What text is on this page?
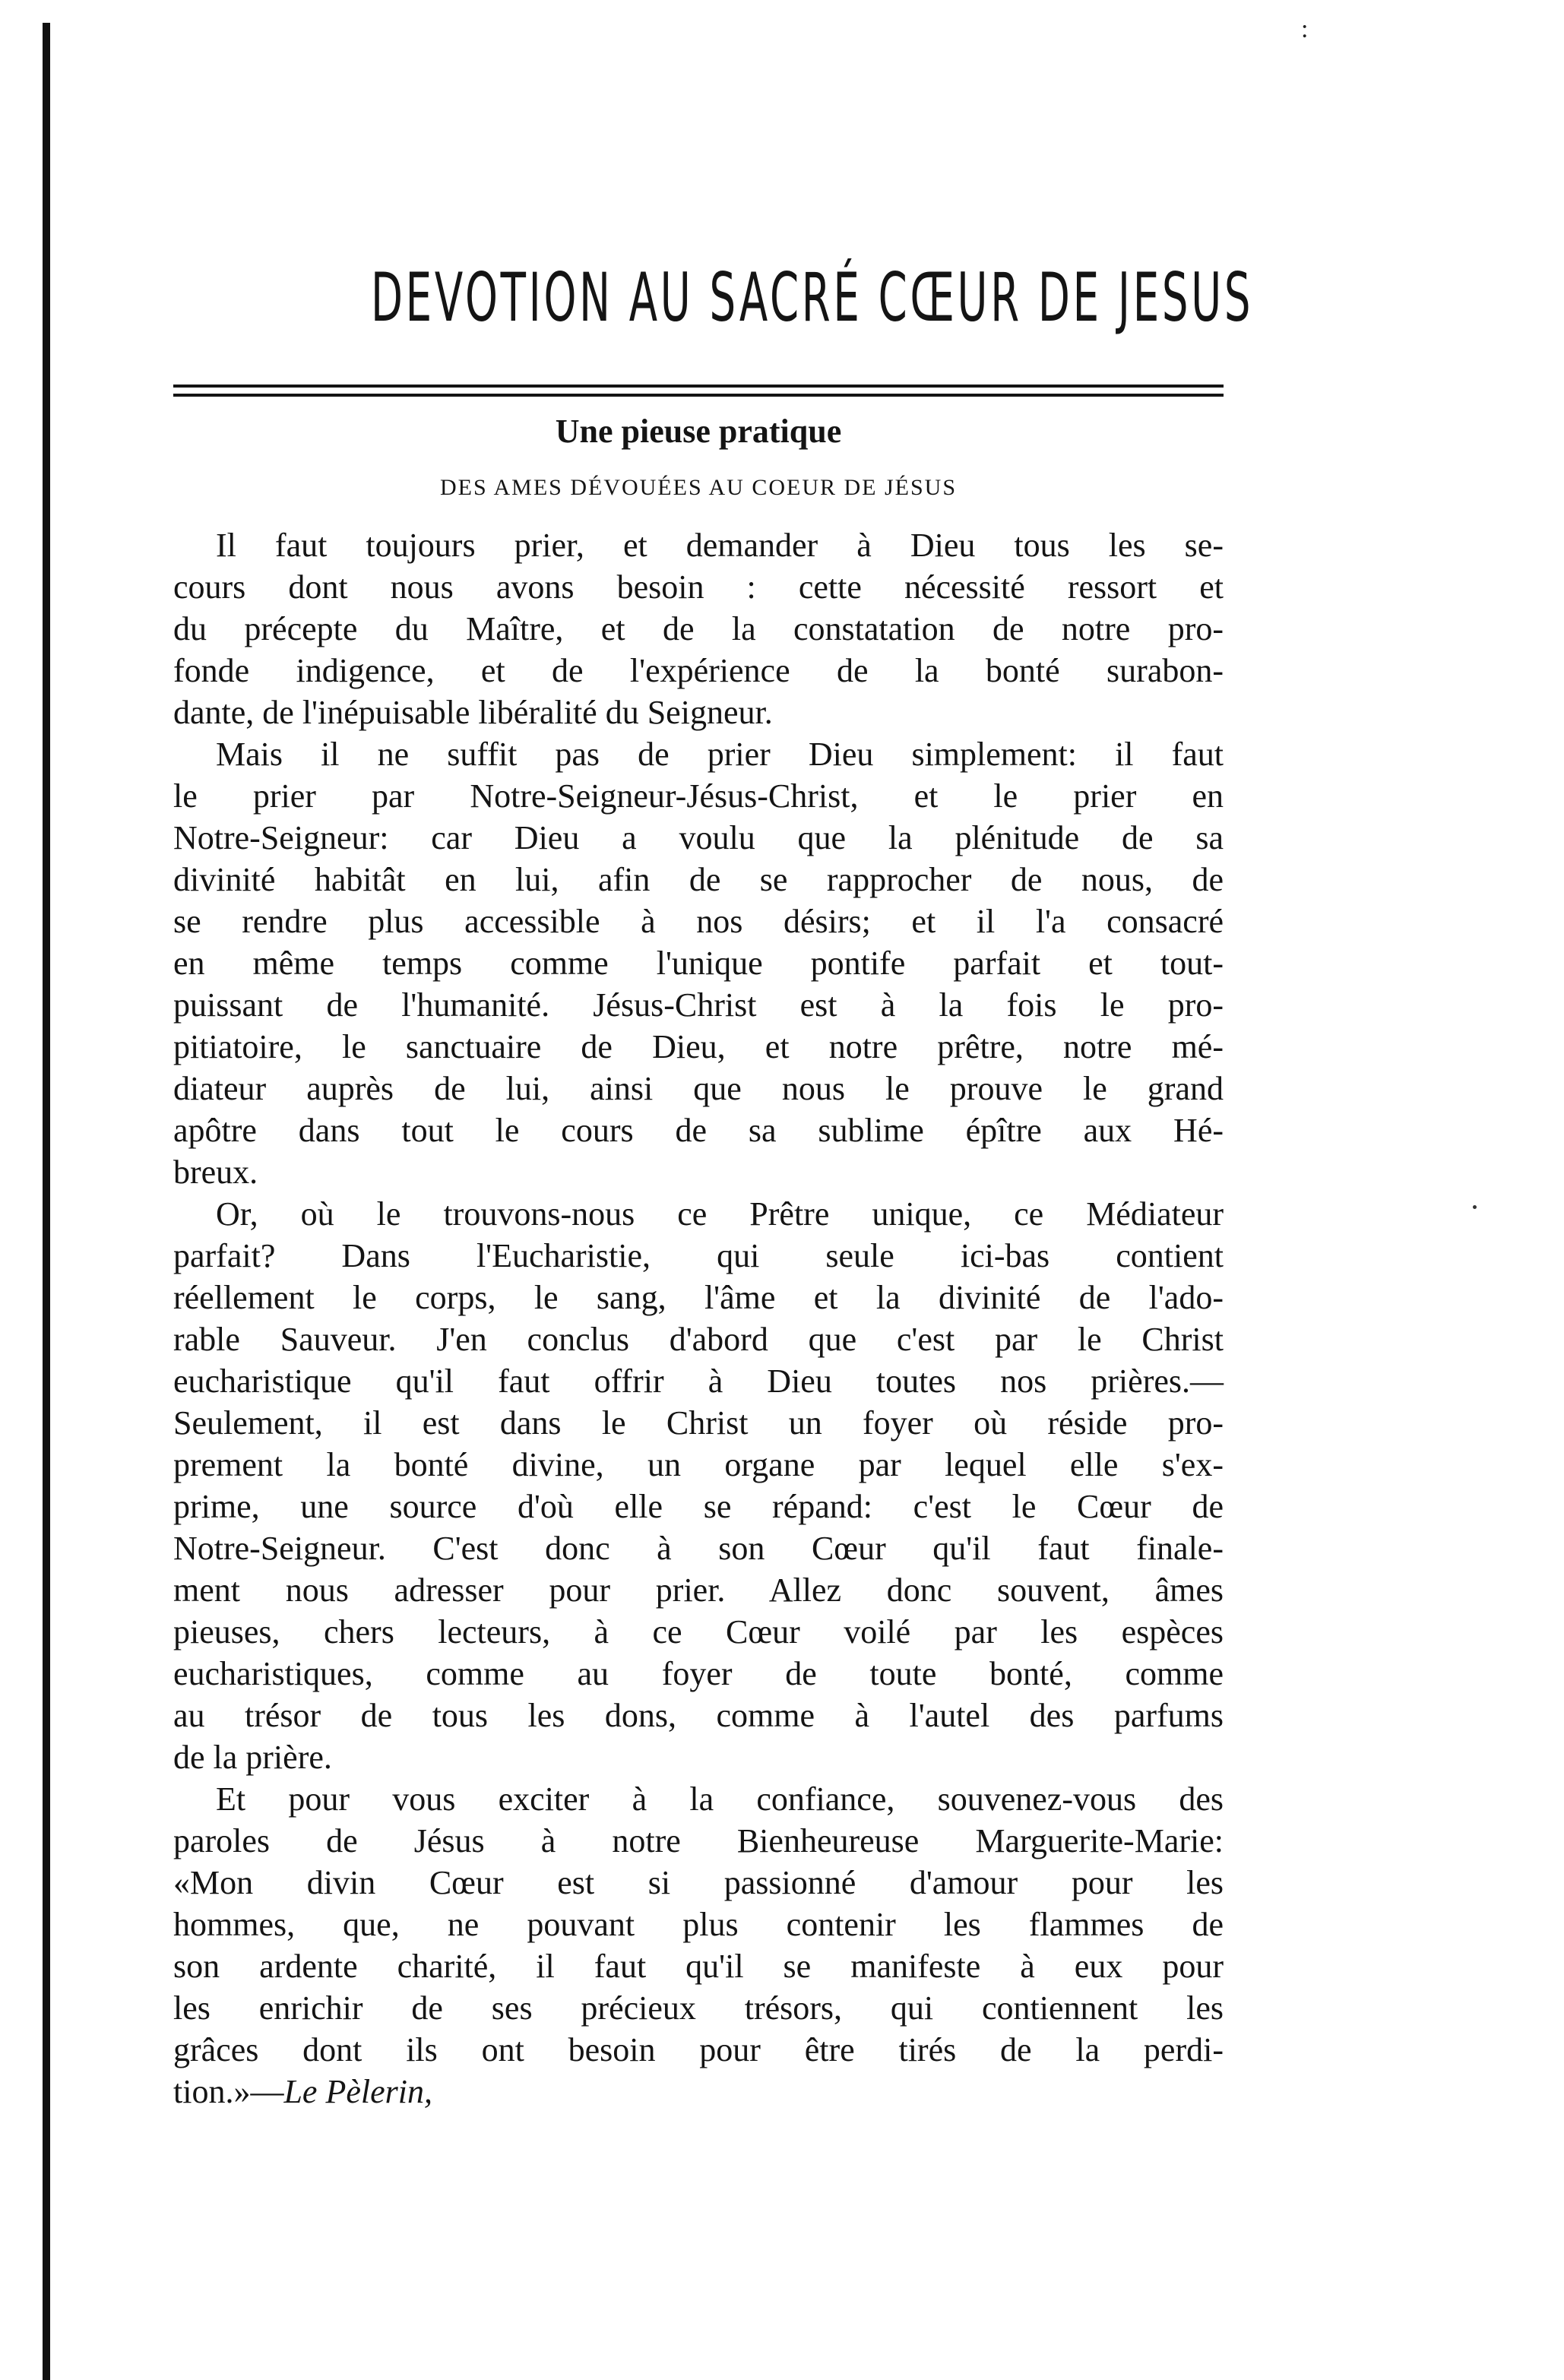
:
DEVOTION AU SACRÉ CŒUR DE JESUS
Une pieuse pratique
DES AMES DÉVOUÉES AU COEUR DE JÉSUS
Il faut toujours prier, et demander à Dieu tous les se-
cours dont nous avons besoin : cette nécessité ressort et
du précepte du Maître, et de la constatation de notre pro-
fonde indigence, et de l'expérience de la bonté surabon-
dante, de l'inépuisable libéralité du Seigneur.
Mais il ne suffit pas de prier Dieu simplement: il faut
le prier par Notre-Seigneur-Jésus-Christ, et le prier en
Notre-Seigneur: car Dieu a voulu que la plénitude de sa
divinité habitât en lui, afin de se rapprocher de nous, de
se rendre plus accessible à nos désirs; et il l'a consacré
en même temps comme l'unique pontife parfait et tout-
puissant de l'humanité. Jésus-Christ est à la fois le pro-
pitiatoire, le sanctuaire de Dieu, et notre prêtre, notre mé-
diateur auprès de lui, ainsi que nous le prouve le grand
apôtre dans tout le cours de sa sublime épître aux Hé-
breux.
Or, où le trouvons-nous ce Prêtre unique, ce Médiateur
parfait? Dans l'Eucharistie, qui seule ici-bas contient
réellement le corps, le sang, l'âme et la divinité de l'ado-
rable Sauveur. J'en conclus d'abord que c'est par le Christ
eucharistique qu'il faut offrir à Dieu toutes nos prières.—
Seulement, il est dans le Christ un foyer où réside pro-
prement la bonté divine, un organe par lequel elle s'ex-
prime, une source d'où elle se répand: c'est le Cœur de
Notre-Seigneur. C'est donc à son Cœur qu'il faut finale-
ment nous adresser pour prier. Allez donc souvent, âmes
pieuses, chers lecteurs, à ce Cœur voilé par les espèces
eucharistiques, comme au foyer de toute bonté, comme
au trésor de tous les dons, comme à l'autel des parfums
de la prière.
Et pour vous exciter à la confiance, souvenez-vous des
paroles de Jésus à notre Bienheureuse Marguerite-Marie:
«Mon divin Cœur est si passionné d'amour pour les
hommes, que, ne pouvant plus contenir les flammes de
son ardente charité, il faut qu'il se manifeste à eux pour
les enrichir de ses précieux trésors, qui contiennent les
grâces dont ils ont besoin pour être tirés de la perdi-
tion.»—Le Pèlerin,
